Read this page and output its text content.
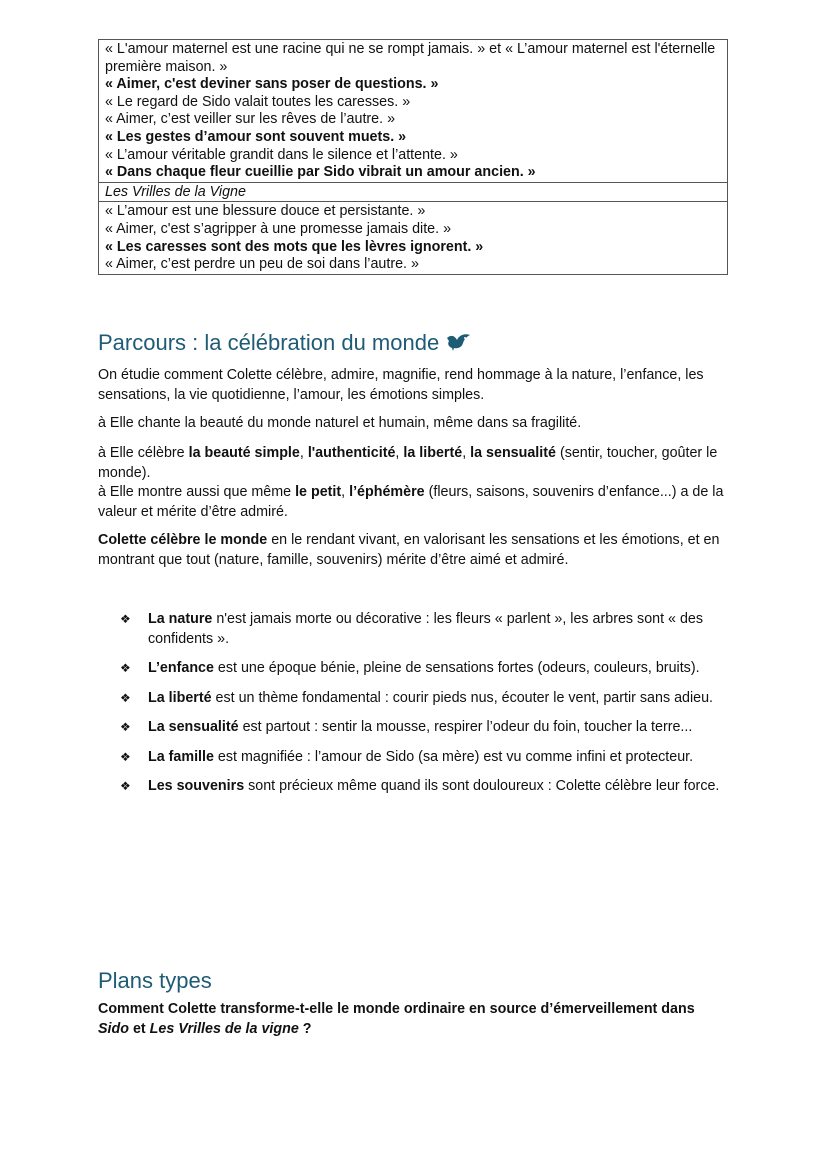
« L'amour maternel est une racine qui ne se rompt jamais. » et « L’amour maternel est l'éternelle première maison. »
« Aimer, c'est deviner sans poser de questions. »
« Le regard de Sido valait toutes les caresses. »
« Aimer, c’est veiller sur les rêves de l’autre. »
« Les gestes d’amour sont souvent muets. »
« L’amour véritable grandit dans le silence et l’attente. »
« Dans chaque fleur cueillie par Sido vibrait un amour ancien. »
Les Vrilles de la Vigne
« L’amour est une blessure douce et persistante. »
« Aimer, c'est s’agripper à une promesse jamais dite. »
« Les caresses sont des mots que les lèvres ignorent. »
« Aimer, c’est perdre un peu de soi dans l’autre. »
Parcours : la célébration du monde

On étudie comment Colette célèbre, admire, magnifie, rend hommage à la nature, l’enfance, les sensations, la vie quotidienne, l’amour, les émotions simples.

à Elle chante la beauté du monde naturel et humain, même dans sa fragilité.

à Elle célèbre la beauté simple, l'authenticité, la liberté, la sensualité (sentir, toucher, goûter le monde).

à Elle montre aussi que même le petit, l’éphémère (fleurs, saisons, souvenirs d’enfance...) a de la valeur et mérite d’être admiré.

Colette célèbre le monde en le rendant vivant, en valorisant les sensations et les émotions, et en montrant que tout (nature, famille, souvenirs) mérite d’être aimé et admiré.

❖ La nature n'est jamais morte ou décorative : les fleurs « parlent », les arbres sont « des confidents ».
❖ L’enfance est une époque bénie, pleine de sensations fortes (odeurs, couleurs, bruits).
❖ La liberté est un thème fondamental : courir pieds nus, écouter le vent, partir sans adieu.
❖ La sensualité est partout : sentir la mousse, respirer l’odeur du foin, toucher la terre...
❖ La famille est magnifiée : l’amour de Sido (sa mère) est vu comme infini et protecteur.
❖ Les souvenirs sont précieux même quand ils sont douloureux : Colette célèbre leur force.
Plans types

Comment Colette transforme-t-elle le monde ordinaire en source d’émerveillement dans Sido et Les Vrilles de la vigne ?
